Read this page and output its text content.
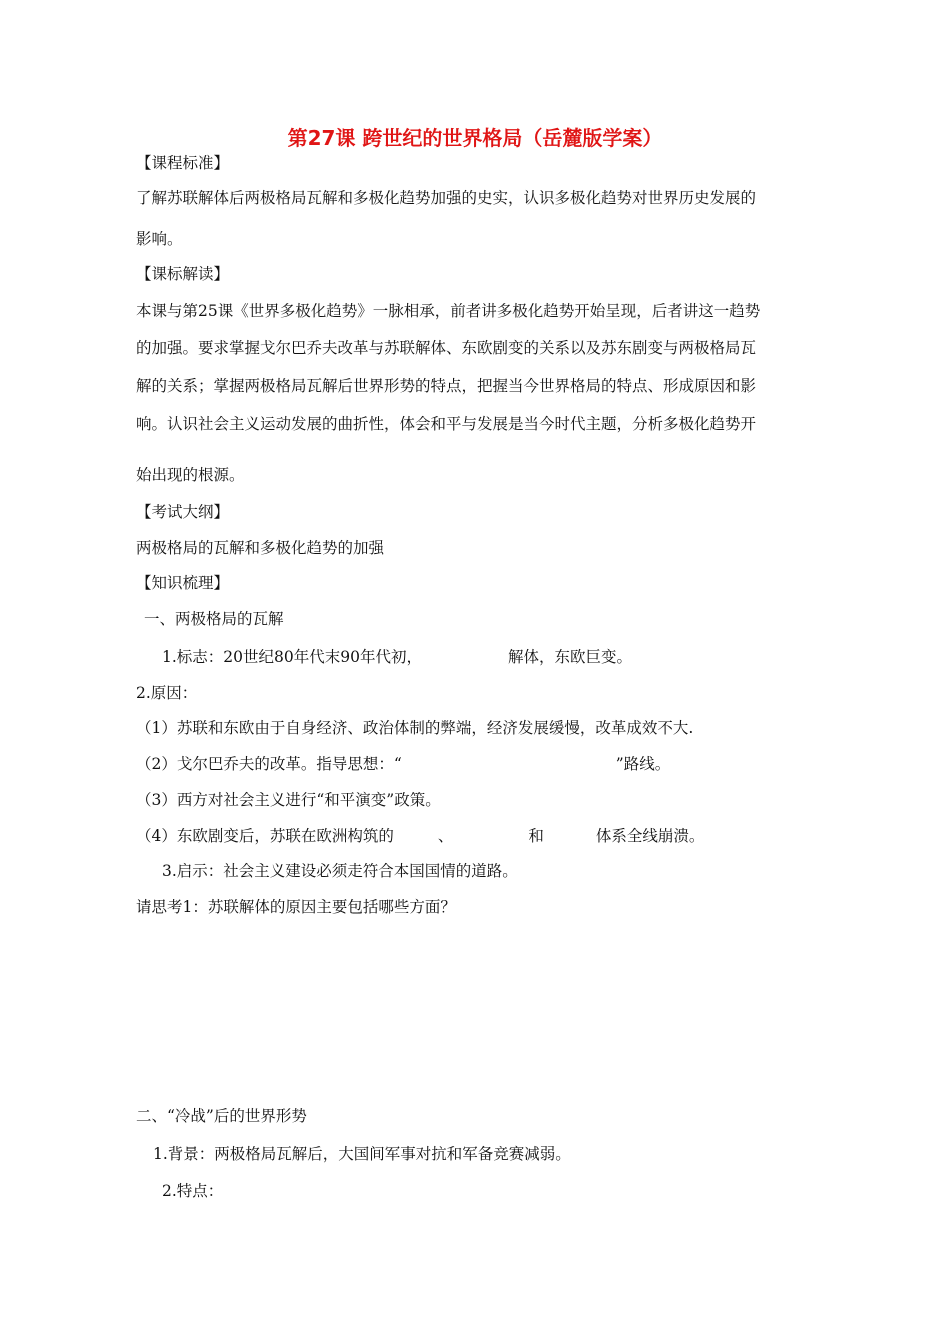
第27课 跨世纪的世界格局（岳麓版学案）
【课程标准】
了解苏联解体后两极格局瓦解和多极化趋势加强的史实，认识多极化趋势对世界历史发展的
影响。
【课标解读】
本课与第25课《世界多极化趋势》一脉相承，前者讲多极化趋势开始呈现，后者讲这一趋势
的加强。要求掌握戈尔巴乔夫改革与苏联解体、东欧剧变的关系以及苏东剧变与两极格局瓦
解的关系；掌握两极格局瓦解后世界形势的特点，把握当今世界格局的特点、形成原因和影
响。认识社会主义运动发展的曲折性，体会和平与发展是当今时代主题，分析多极化趋势开
始出现的根源。
【考试大纲】
两极格局的瓦解和多极化趋势的加强
【知识梳理】
一、两极格局的瓦解
1.标志：20世纪80年代末90年代初，	解体，东欧巨变。
2.原因：
（1）苏联和东欧由于自身经济、政治体制的弊端，经济发展缓慢，改革成效不大.
（2）戈尔巴乔夫的改革。指导思想：“	”路线。
（3）西方对社会主义进行“和平演变”政策。
（4）东欧剧变后，苏联在欧洲构筑的	、	和	体系全线崩溃。
3.启示：社会主义建设必须走符合本国国情的道路。
请思考1：苏联解体的原因主要包括哪些方面？
二、“冷战”后的世界形势
1.背景：两极格局瓦解后，大国间军事对抗和军备竞赛减弱。
2.特点：
